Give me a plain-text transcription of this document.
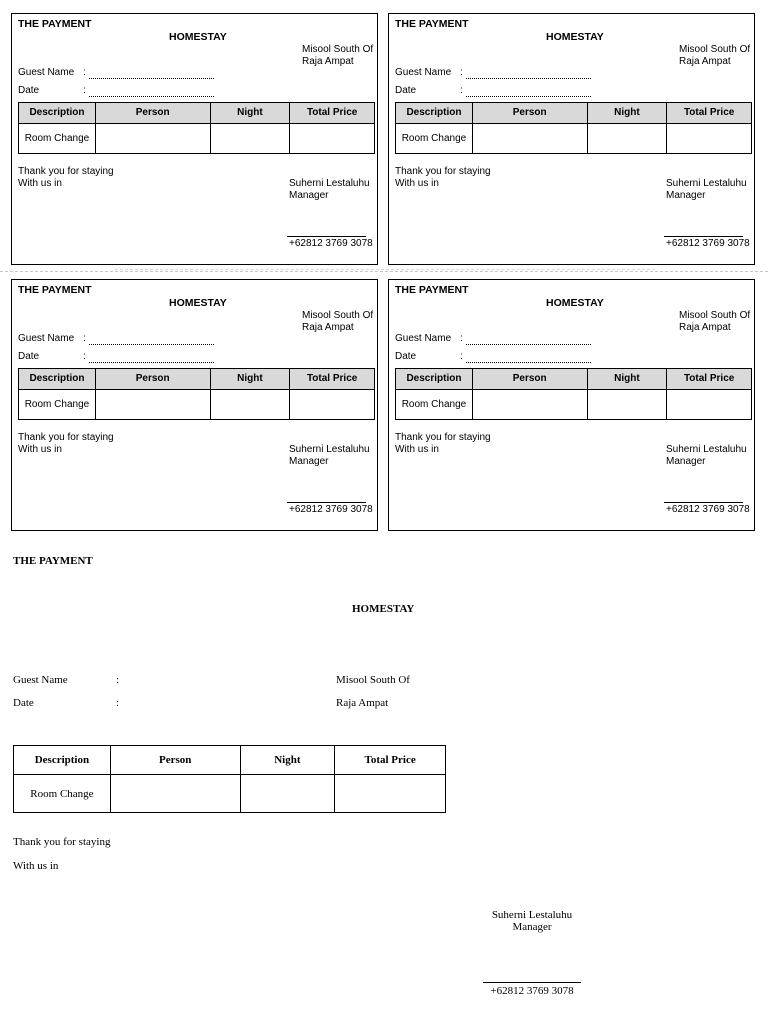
THE PAYMENT
HOMESTAY
Misool South Of
Raja Ampat
Guest Name :
Date	:
Description	Person	Night	Total Price
Room Change			
Thank you for staying
With us in	Suherni Lestaluhu
Manager
+62812 3769 3078
THE PAYMENT
HOMESTAY
Misool South Of
Raja Ampat
Guest Name :
Date	:
Description	Person	Night	Total Price
Room Change			
Thank you for staying
With us in	Suherni Lestaluhu
Manager
+62812 3769 3078
THE PAYMENT
HOMESTAY
Misool South Of
Raja Ampat
Guest Name :
Date	:
Description	Person	Night	Total Price
Room Change			
Thank you for staying
With us in	Suherni Lestaluhu
Manager
+62812 3769 3078
THE PAYMENT
HOMESTAY
Misool South Of
Raja Ampat
Guest Name :
Date	:
Description	Person	Night	Total Price
Room Change			
Thank you for staying
With us in	Suherni Lestaluhu
Manager
+62812 3769 3078
THE PAYMENT
HOMESTAY
Guest Name	:	Misool South Of
Date	:	Raja Ampat
Description	Person	Night	Total Price
Room Change			
Thank you for staying
With us in
Suherni Lestaluhu
Manager
+62812 3769 3078
